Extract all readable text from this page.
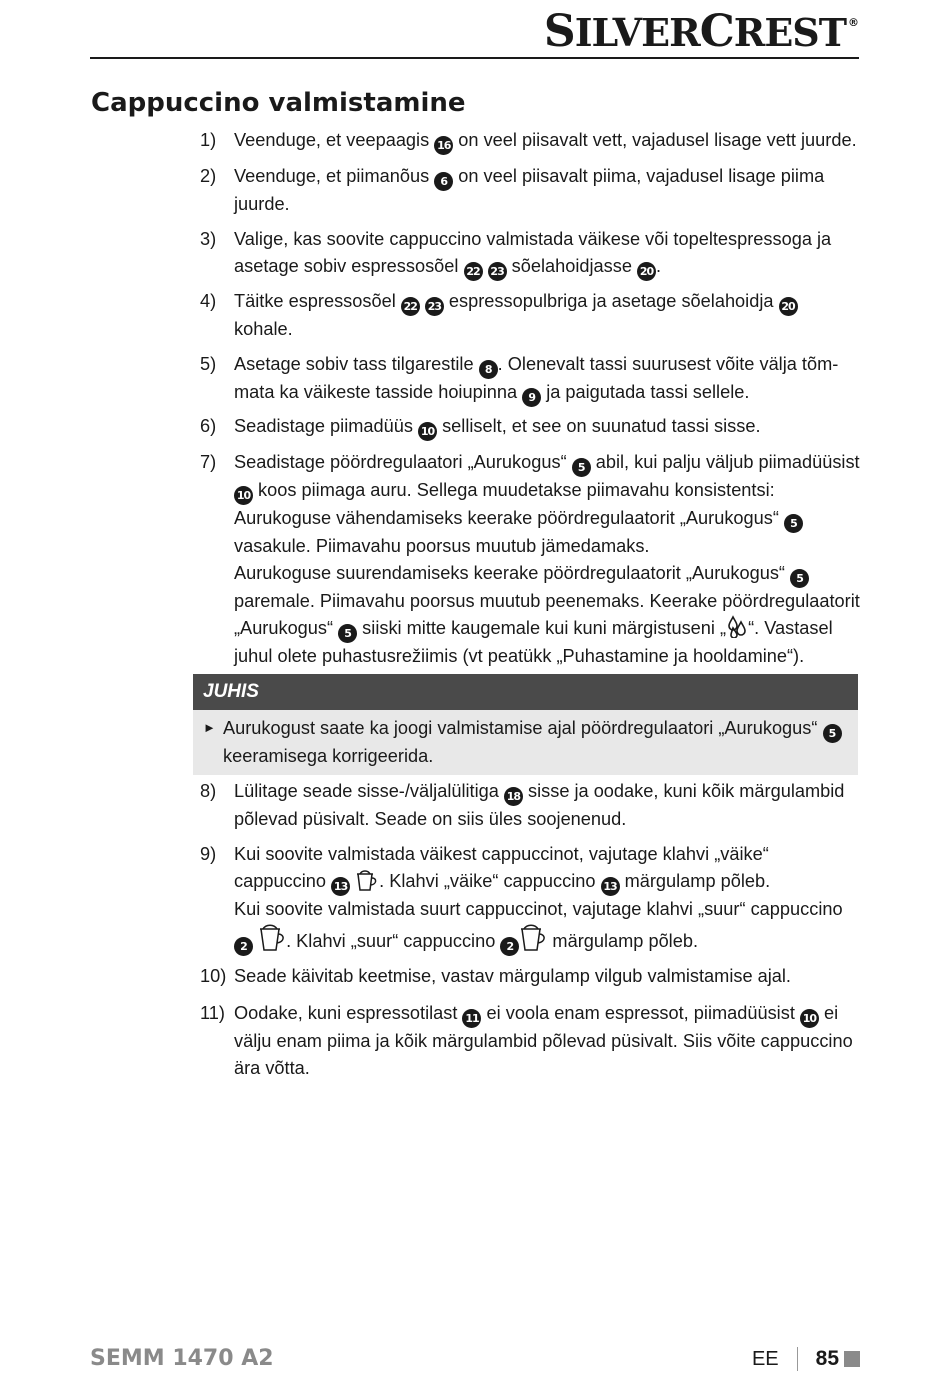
SILVERCREST ®
Cappuccino valmistamine
1) Veenduge, et veepaagis 16 on veel piisavalt vett, vajadusel lisage vett juurde.
2) Veenduge, et piimanõus 6 on veel piisavalt piima, vajadusel lisage piima juurde.
3) Valige, kas soovite cappuccino valmistada väikese või topeltespressoga ja asetage sobiv espressosõel 22 23 sõelahoidjasse 20 .
4) Täitke espressosõel 22 23 espressopulbriga ja asetage sõelahoidja 20 kohale.
5) Asetage sobiv tass tilgarestile 8 . Olenevalt tassi suurusest võite välja tõmmata ka väikeste tasside hoiupinna 9 ja paigutada tassi sellele.
6) Seadistage piimadüüs 10 selliselt, et see on suunatud tassi sisse.
7) Seadistage pöördregulaatori „Aurukogus“ 5 abil, kui palju väljub piimadüüsist 10 koos piimaga auru. Sellega muudetakse piimavahu konsistentsi:

Aurukoguse vähendamiseks keerake pöördregulaatorit „Aurukogus“ 5 vasakule. Piimavahu poorsus muutub jämedamaks.

Aurukoguse suurendamiseks keerake pöördregulaatorit „Aurukogus“ 5 paremale. Piimavahu poorsus muutub peenemaks. Keerake pöördregulaatorit „Aurukogus“ 5 siiski mitte kaugemale kui kuni märgistuseni „ “. Vastasel juhul olete puhastusrežiimis (vt peatükk „Puhastamine ja hooldamine“).

JUHIS
► Aurukogust saate ka joogi valmistamise ajal pöördregulaatori „Aurukogus“ 5 keeramisega korrigeerida.
8) Lülitage seade sisse-/väljalülitiga 18 sisse ja oodake, kuni kõik märgulambid põlevad püsivalt. Seade on siis üles soojenenud.
9) Kui soovite valmistada väikest cappuccinot, vajutage klahvi „väike“ cappuccino 13 . Klahvi „väike“ cappuccino 13 märgulamp põleb.

Kui soovite valmistada suurt cappuccinot, vajutage klahvi „suur“ cappuccino 2 . Klahvi „suur“ cappuccino 2 märgulamp põleb.

10) Seade käivitab keetmise, vastav märgulamp vilgub valmistamise ajal.
11) Oodake, kuni espressotilast 11 ei voola enam espressot, piimadüüsist 10 ei välju enam piima ja kõik märgulambid põlevad püsivalt. Siis võite cappuccino ära võtta.
SEMM 1470 A2	EE 85
